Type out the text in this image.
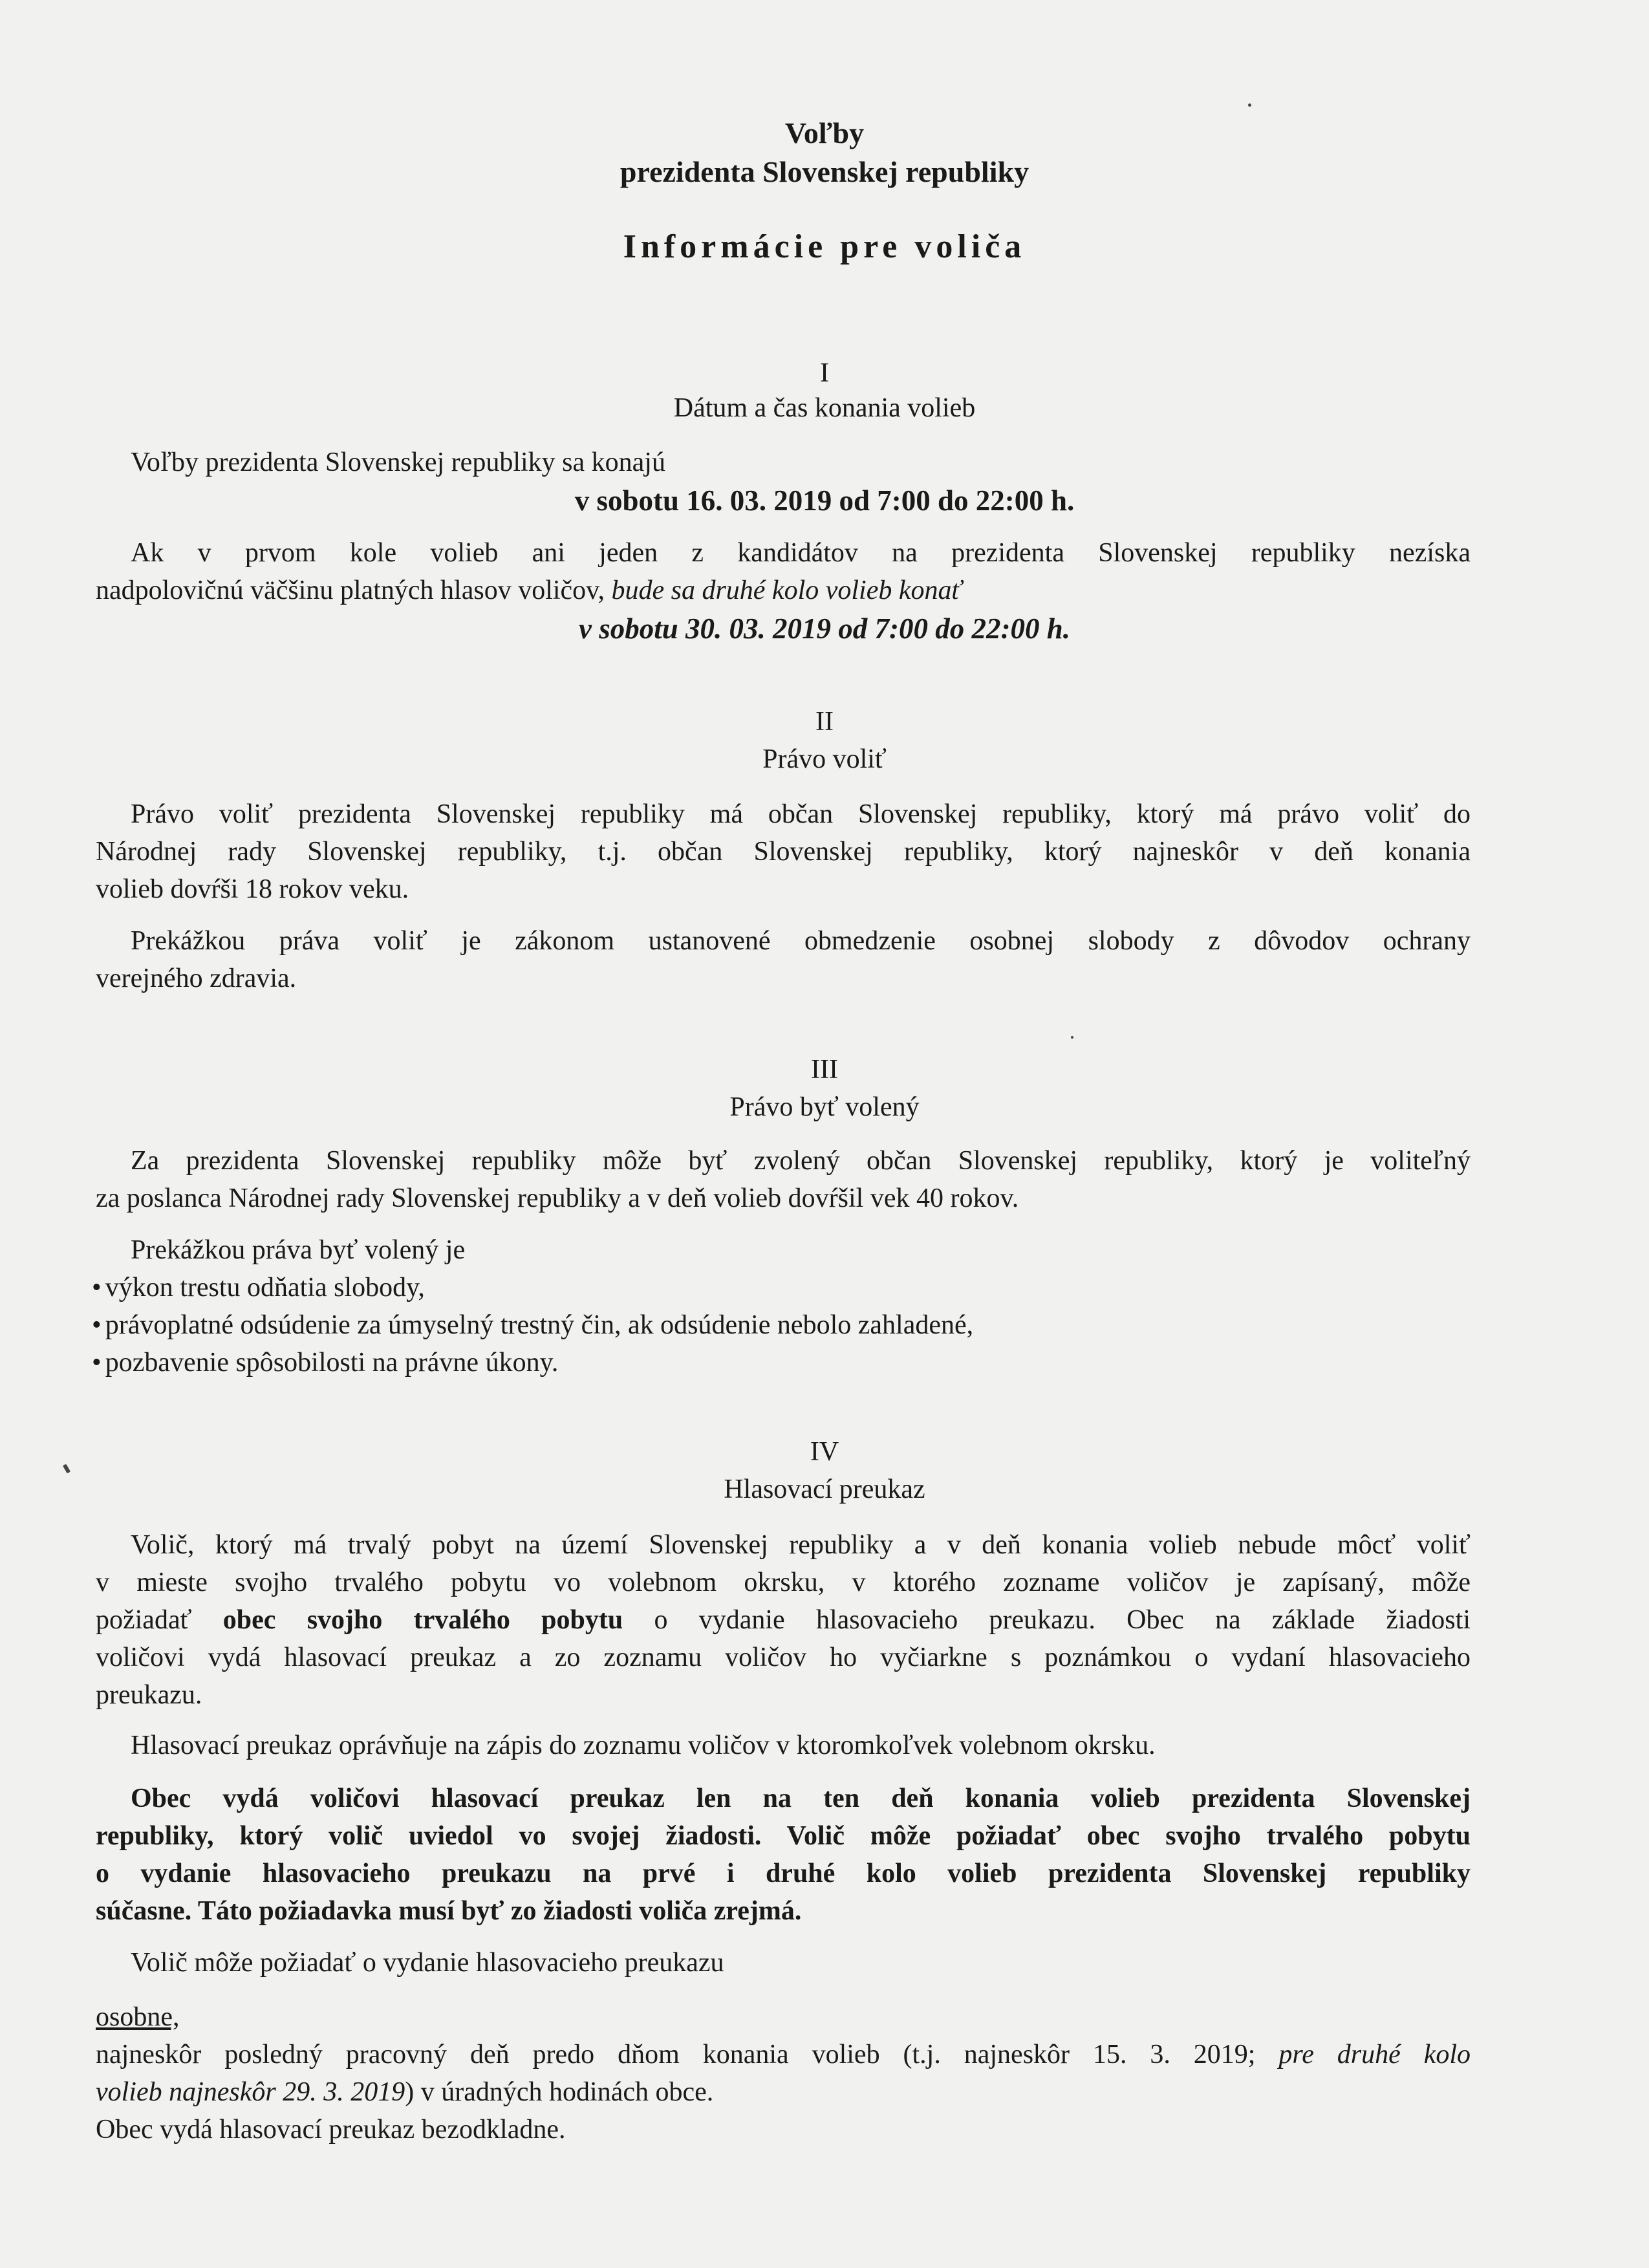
Voľby
prezidenta Slovenskej republiky
Informácie pre voliča
I
Dátum a čas konania volieb
Voľby prezidenta Slovenskej republiky sa konajú
v sobotu 16. 03. 2019 od 7:00 do 22:00 h.
Ak v prvom kole volieb ani jeden z kandidátov na prezidenta Slovenskej republiky nezíska
nadpolovičnú väčšinu platných hlasov voličov, bude sa druhé kolo volieb konať
v sobotu 30. 03. 2019 od 7:00 do 22:00 h.
II
Právo voliť
Právo voliť prezidenta Slovenskej republiky má občan Slovenskej republiky, ktorý má právo voliť do
Národnej rady Slovenskej republiky, t.j. občan Slovenskej republiky, ktorý najneskôr v deň konania
volieb dovŕši 18 rokov veku.
Prekážkou práva voliť je zákonom ustanovené obmedzenie osobnej slobody z dôvodov ochrany
verejného zdravia.
III
Právo byť volený
Za prezidenta Slovenskej republiky môže byť zvolený občan Slovenskej republiky, ktorý je voliteľný
za poslanca Národnej rady Slovenskej republiky a v deň volieb dovŕšil vek 40 rokov.
Prekážkou práva byť volený je
• výkon trestu odňatia slobody,
• právoplatné odsúdenie za úmyselný trestný čin, ak odsúdenie nebolo zahladené,
• pozbavenie spôsobilosti na právne úkony.
IV
Hlasovací preukaz
Volič, ktorý má trvalý pobyt na území Slovenskej republiky a v deň konania volieb nebude môcť voliť
v mieste svojho trvalého pobytu vo volebnom okrsku, v ktorého zozname voličov je zapísaný, môže
požiadať obec svojho trvalého pobytu o vydanie hlasovacieho preukazu. Obec na základe žiadosti
voličovi vydá hlasovací preukaz a zo zoznamu voličov ho vyčiarkne s poznámkou o vydaní hlasovacieho
preukazu.
Hlasovací preukaz oprávňuje na zápis do zoznamu voličov v ktoromkoľvek volebnom okrsku.
Obec vydá voličovi hlasovací preukaz len na ten deň konania volieb prezidenta Slovenskej
republiky, ktorý volič uviedol vo svojej žiadosti. Volič môže požiadať obec svojho trvalého pobytu
o vydanie hlasovacieho preukazu na prvé i druhé kolo volieb prezidenta Slovenskej republiky
súčasne. Táto požiadavka musí byť zo žiadosti voliča zrejmá.
Volič môže požiadať o vydanie hlasovacieho preukazu
osobne,
najneskôr posledný pracovný deň predo dňom konania volieb (t.j. najneskôr 15. 3. 2019; pre druhé kolo
volieb najneskôr 29. 3. 2019) v úradných hodinách obce.
Obec vydá hlasovací preukaz bezodkladne.
